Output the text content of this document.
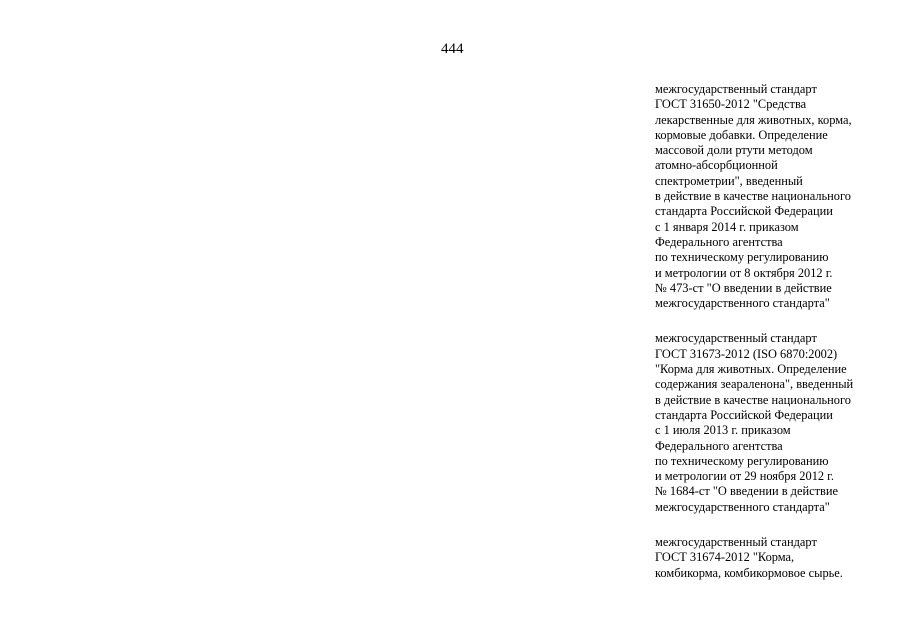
444
межгосударственный стандарт
ГОСТ 31650-2012 "Средства
лекарственные для животных, корма,
кормовые добавки. Определение
массовой доли ртути методом
атомно-абсорбционной
спектрометрии", введенный
в действие в качестве национального
стандарта Российской Федерации
с 1 января 2014 г. приказом
Федерального агентства
по техническому регулированию
и метрологии от 8 октября 2012 г.
№ 473-ст "О введении в действие
межгосударственного стандарта"
межгосударственный стандарт
ГОСТ 31673-2012 (ISO 6870:2002)
"Корма для животных. Определение
содержания зеараленона", введенный
в действие в качестве национального
стандарта Российской Федерации
с 1 июля 2013 г. приказом
Федерального агентства
по техническому регулированию
и метрологии от 29 ноября 2012 г.
№ 1684-ст "О введении в действие
межгосударственного стандарта"
межгосударственный стандарт
ГОСТ 31674-2012 "Корма,
комбикорма, комбикормовое сырье.
